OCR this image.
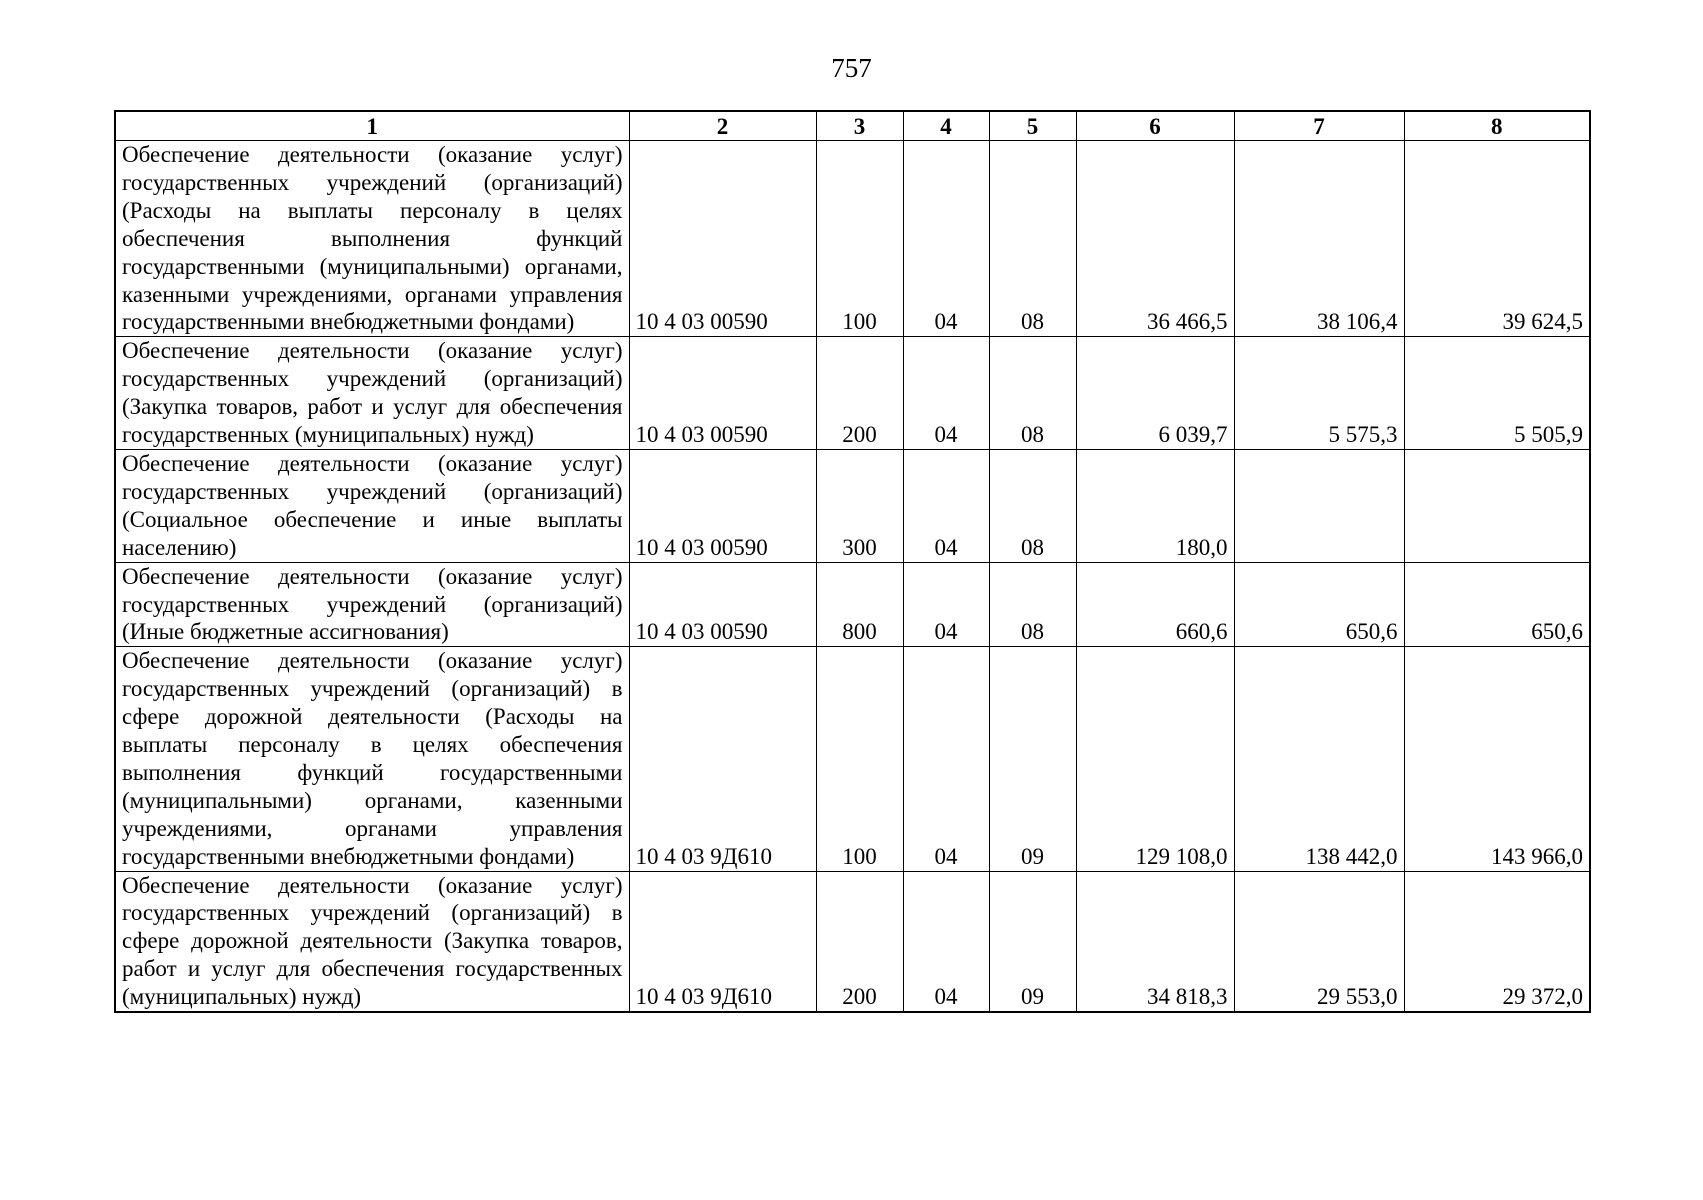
757
1	2	3	4	5	6	7	8
Обеспечение деятельности (оказание услуг) государственных учреждений (организаций) (Расходы на выплаты персоналу в целях обеспечения выполнения функций государственными (муниципальными) органами, казенными учреждениями, органами управления государственными внебюджетными фондами)	10 4 03 00590	100	04	08	36 466,5	38 106,4	39 624,5
Обеспечение деятельности (оказание услуг) государственных учреждений (организаций) (Закупка товаров, работ и услуг для обеспечения государственных (муниципальных) нужд)	10 4 03 00590	200	04	08	6 039,7	5 575,3	5 505,9
Обеспечение деятельности (оказание услуг) государственных учреждений (организаций) (Социальное обеспечение и иные выплаты населению)	10 4 03 00590	300	04	08	180,0		
Обеспечение деятельности (оказание услуг) государственных учреждений (организаций) (Иные бюджетные ассигнования)	10 4 03 00590	800	04	08	660,6	650,6	650,6
Обеспечение деятельности (оказание услуг) государственных учреждений (организаций) в сфере дорожной деятельности (Расходы на выплаты персоналу в целях обеспечения выполнения функций государственными (муниципальными) органами, казенными учреждениями, органами управления государственными внебюджетными фондами)	10 4 03 9Д610	100	04	09	129 108,0	138 442,0	143 966,0
Обеспечение деятельности (оказание услуг) государственных учреждений (организаций) в сфере дорожной деятельности (Закупка товаров, работ и услуг для обеспечения государственных (муниципальных) нужд)	10 4 03 9Д610	200	04	09	34 818,3	29 553,0	29 372,0
